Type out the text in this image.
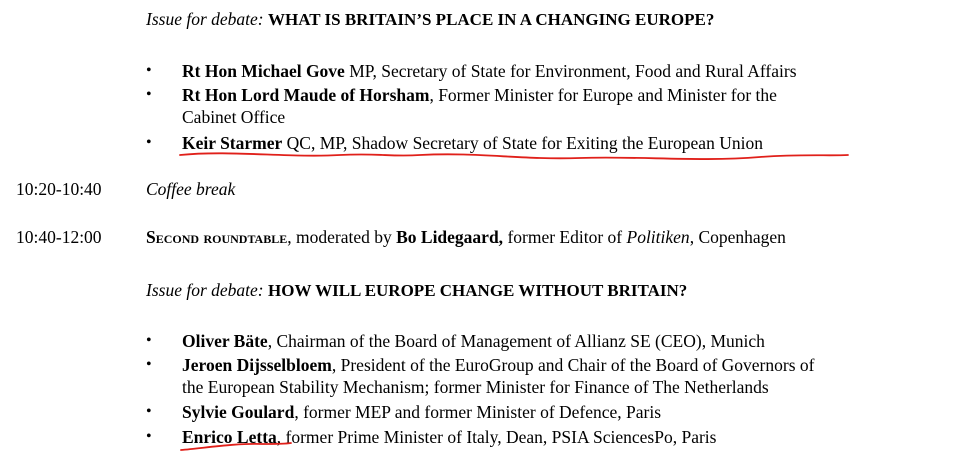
Issue for debate: WHAT IS BRITAIN’S PLACE IN A CHANGING EUROPE?
• Rt Hon Michael Gove MP, Secretary of State for Environment, Food and Rural Affairs
• Rt Hon Lord Maude of Horsham, Former Minister for Europe and Minister for the
Cabinet Office
• Keir Starmer QC, MP, Shadow Secretary of State for Exiting the European Union
10:20-10:40	Coffee break
10:40-12:00	Second roundtable, moderated by Bo Lidegaard, former Editor of Politiken, Copenhagen
Issue for debate: HOW WILL EUROPE CHANGE WITHOUT BRITAIN?
• Oliver Bäte, Chairman of the Board of Management of Allianz SE (CEO), Munich
• Jeroen Dijsselbloem, President of the EuroGroup and Chair of the Board of Governors of
the European Stability Mechanism; former Minister for Finance of The Netherlands
• Sylvie Goulard, former MEP and former Minister of Defence, Paris
• Enrico Letta, former Prime Minister of Italy, Dean, PSIA SciencesPo, Paris
